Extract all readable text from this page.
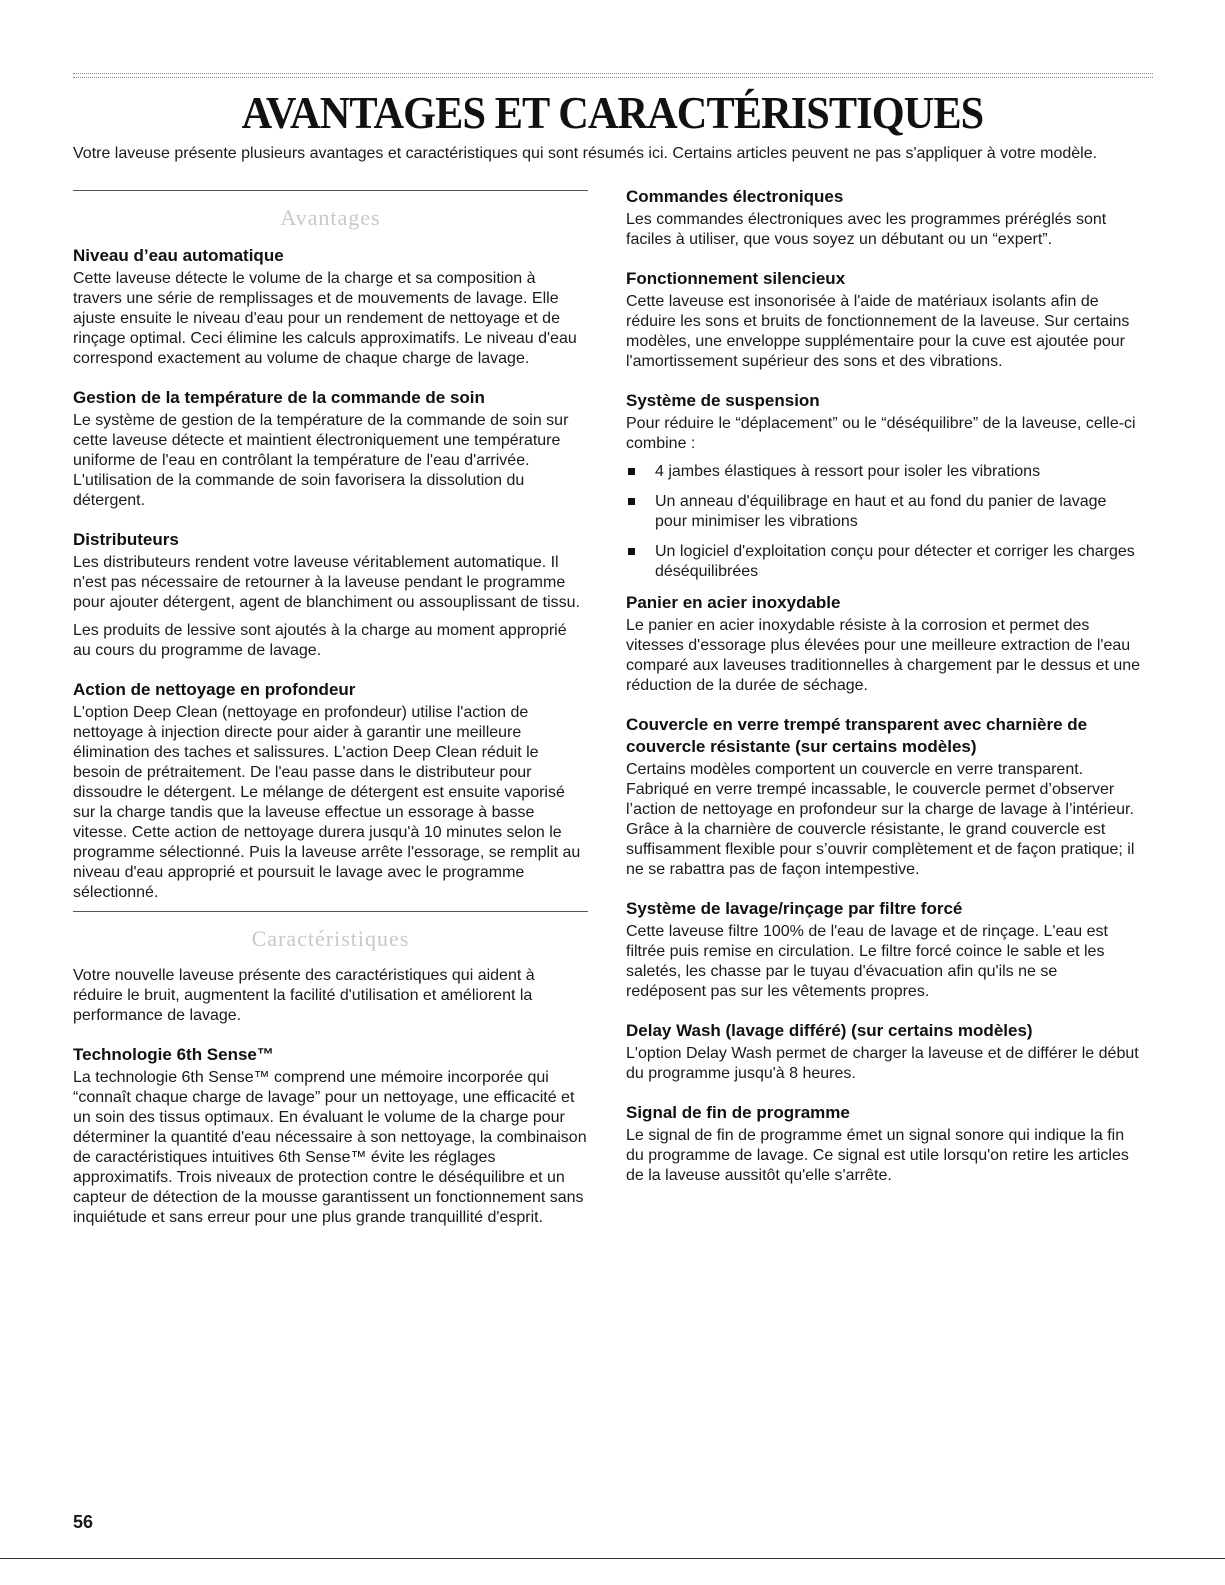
AVANTAGES ET CARACTÉRISTIQUES

Votre laveuse présente plusieurs avantages et caractéristiques qui sont résumés ici. Certains articles peuvent ne pas s'appliquer à votre modèle.

Avantages
Niveau d’eau automatique

Cette laveuse détecte le volume de la charge et sa composition à travers une série de remplissages et de mouvements de lavage. Elle ajuste ensuite le niveau d'eau pour un rendement de nettoyage et de rinçage optimal. Ceci élimine les calculs approximatifs. Le niveau d'eau correspond exactement au volume de chaque charge de lavage.

Gestion de la température de la commande de soin

Le système de gestion de la température de la commande de soin sur cette laveuse détecte et maintient électroniquement une température uniforme de l'eau en contrôlant la température de l'eau d'arrivée. L'utilisation de la commande de soin favorisera la dissolution du détergent.

Distributeurs

Les distributeurs rendent votre laveuse véritablement automatique. Il n'est pas nécessaire de retourner à la laveuse pendant le programme pour ajouter détergent, agent de blanchiment ou assouplissant de tissu.

Les produits de lessive sont ajoutés à la charge au moment approprié au cours du programme de lavage.

Action de nettoyage en profondeur

L'option Deep Clean (nettoyage en profondeur) utilise l'action de nettoyage à injection directe pour aider à garantir une meilleure élimination des taches et salissures. L'action Deep Clean réduit le besoin de prétraitement. De l'eau passe dans le distributeur pour dissoudre le détergent. Le mélange de détergent est ensuite vaporisé sur la charge tandis que la laveuse effectue un essorage à basse vitesse. Cette action de nettoyage durera jusqu'à 10 minutes selon le programme sélectionné. Puis la laveuse arrête l'essorage, se remplit au niveau d'eau approprié et poursuit le lavage avec le programme sélectionné.

Caractéristiques

Votre nouvelle laveuse présente des caractéristiques qui aident à réduire le bruit, augmentent la facilité d'utilisation et améliorent la performance de lavage.

Technologie 6th Sense™

La technologie 6th Sense™ comprend une mémoire incorporée qui “connaît chaque charge de lavage” pour un nettoyage, une efficacité et un soin des tissus optimaux. En évaluant le volume de la charge pour déterminer la quantité d'eau nécessaire à son nettoyage, la combinaison de caractéristiques intuitives 6th Sense™ évite les réglages approximatifs. Trois niveaux de protection contre le déséquilibre et un capteur de détection de la mousse garantissent un fonctionnement sans inquiétude et sans erreur pour une plus grande tranquillité d'esprit.

Commandes électroniques

Les commandes électroniques avec les programmes préréglés sont faciles à utiliser, que vous soyez un débutant ou un “expert”.

Fonctionnement silencieux

Cette laveuse est insonorisée à l'aide de matériaux isolants afin de réduire les sons et bruits de fonctionnement de la laveuse. Sur certains modèles, une enveloppe supplémentaire pour la cuve est ajoutée pour l'amortissement supérieur des sons et des vibrations.

Système de suspension

Pour réduire le “déplacement” ou le “déséquilibre” de la laveuse, celle-ci combine :

4 jambes élastiques à ressort pour isoler les vibrations
Un anneau d'équilibrage en haut et au fond du panier de lavage pour minimiser les vibrations
Un logiciel d'exploitation conçu pour détecter et corriger les charges déséquilibrées
Panier en acier inoxydable

Le panier en acier inoxydable résiste à la corrosion et permet des vitesses d'essorage plus élevées pour une meilleure extraction de l'eau comparé aux laveuses traditionnelles à chargement par le dessus et une réduction de la durée de séchage.

Couvercle en verre trempé transparent avec charnière de couvercle résistante (sur certains modèles)

Certains modèles comportent un couvercle en verre transparent. Fabriqué en verre trempé incassable, le couvercle permet d’observer l’action de nettoyage en profondeur sur la charge de lavage à l’intérieur. Grâce à la charnière de couvercle résistante, le grand couvercle est suffisamment flexible pour s’ouvrir complètement et de façon pratique; il ne se rabattra pas de façon intempestive.

Système de lavage/rinçage par filtre forcé

Cette laveuse filtre 100% de l'eau de lavage et de rinçage. L'eau est filtrée puis remise en circulation. Le filtre forcé coince le sable et les saletés, les chasse par le tuyau d'évacuation afin qu'ils ne se redéposent pas sur les vêtements propres.

Delay Wash (lavage différé) (sur certains modèles)

L'option Delay Wash permet de charger la laveuse et de différer le début du programme jusqu'à 8 heures.

Signal de fin de programme

Le signal de fin de programme émet un signal sonore qui indique la fin du programme de lavage. Ce signal est utile lorsqu'on retire les articles de la laveuse aussitôt qu'elle s'arrête.

56
